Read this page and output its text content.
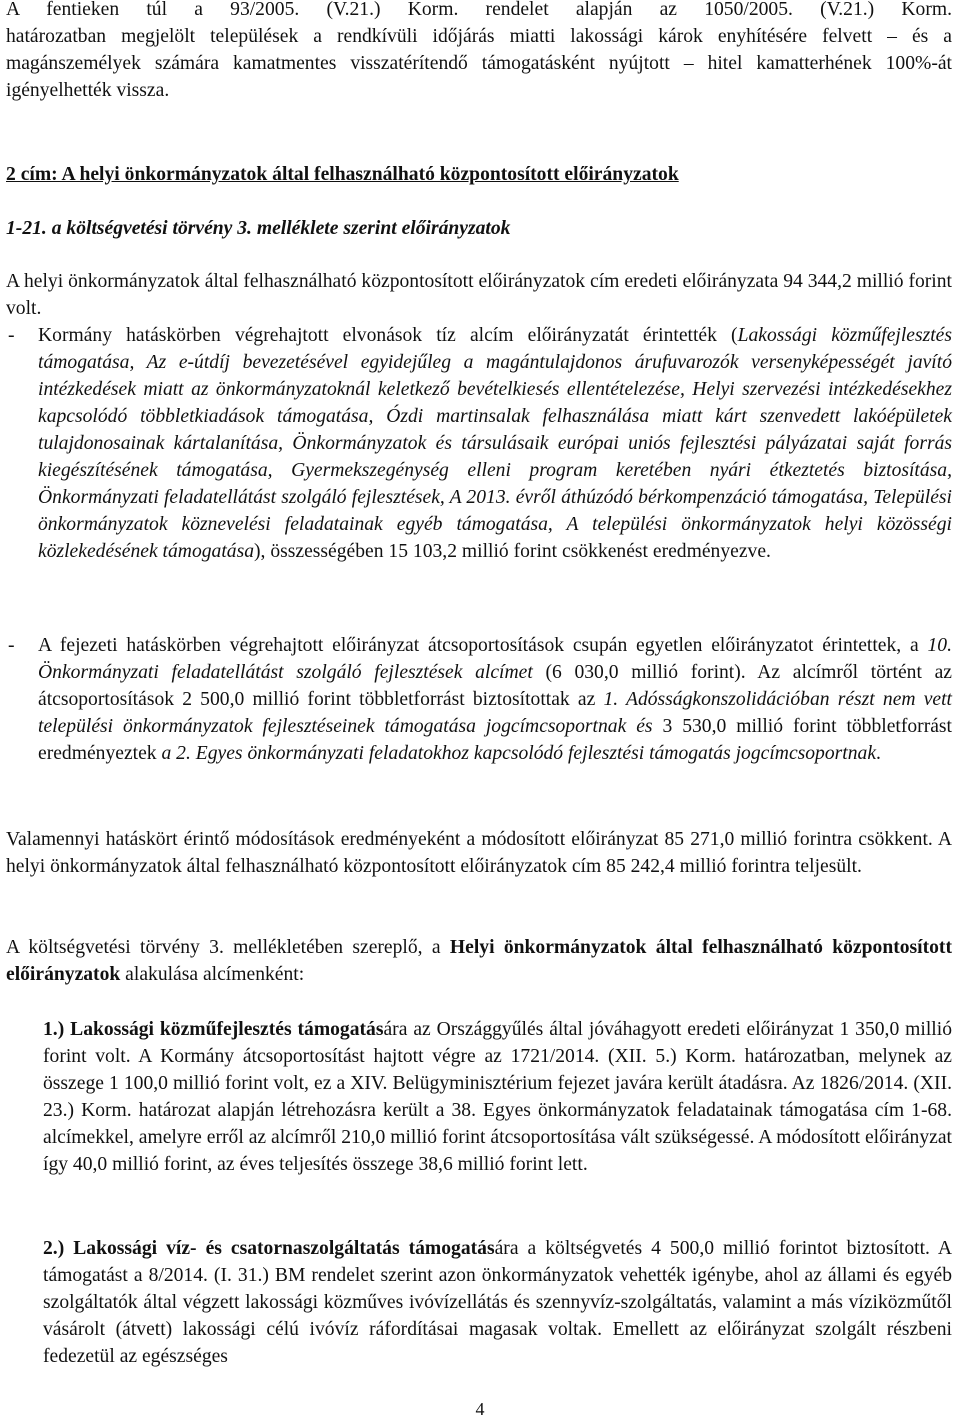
A fentieken túl a 93/2005. (V.21.) Korm. rendelet alapján az 1050/2005. (V.21.) Korm.

határozatban megjelölt települések a rendkívüli időjárás miatti lakossági károk enyhítésére felvett – és a magánszemélyek számára kamatmentes visszatérítendő támogatásként nyújtott – hitel kamatterhének 100%-át igényelhették vissza.

2 cím: A helyi önkormányzatok által felhasználható központosított előirányzatok

1-21. a költségvetési törvény 3. melléklete szerint előirányzatok

A helyi önkormányzatok által felhasználható központosított előirányzatok cím eredeti előirányzata 94 344,2 millió forint volt.

- Kormány hatáskörben végrehajtott elvonások tíz alcím előirányzatát érintették (Lakossági közműfejlesztés támogatása, Az e-útdíj bevezetésével egyidejűleg a magántulajdonos árufuvarozók versenyképességét javító intézkedések miatt az önkormányzatoknál keletkező bevételkiesés ellentételezése, Helyi szervezési intézkedésekhez kapcsolódó többletkiadások támogatása, Ózdi martinsalak felhasználása miatt kárt szenvedett lakóépületek tulajdonosainak kártalanítása, Önkormányzatok és társulásaik európai uniós fejlesztési pályázatai saját forrás kiegészítésének támogatása, Gyermekszegénység elleni program keretében nyári étkeztetés biztosítása, Önkormányzati feladatellátást szolgáló fejlesztések, A 2013. évről áthúzódó bérkompenzáció támogatása, Települési önkormányzatok köznevelési feladatainak egyéb támogatása, A települési önkormányzatok helyi közösségi közlekedésének támogatása), összességében 15 103,2 millió forint csökkenést eredményezve.
- A fejezeti hatáskörben végrehajtott előirányzat átcsoportosítások csupán egyetlen előirányzatot érintettek, a 10. Önkormányzati feladatellátást szolgáló fejlesztések alcímet (6 030,0 millió forint). Az alcímről történt az átcsoportosítások 2 500,0 millió forint többletforrást biztosítottak az 1. Adósságkonszolidációban részt nem vett települési önkormányzatok fejlesztéseinek támogatása jogcímcsoportnak és 3 530,0 millió forint többletforrást eredményeztek a 2. Egyes önkormányzati feladatokhoz kapcsolódó fejlesztési támogatás jogcímcsoportnak.

Valamennyi hatáskört érintő módosítások eredményeként a módosított előirányzat 85 271,0 millió forintra csökkent. A helyi önkormányzatok által felhasználható központosított előirányzatok cím 85 242,4 millió forintra teljesült.

A költségvetési törvény 3. mellékletében szereplő, a Helyi önkormányzatok által felhasználható központosított előirányzatok alakulása alcímenként:

1.) Lakossági közműfejlesztés támogatására az Országgyűlés által jóváhagyott eredeti előirányzat 1 350,0 millió forint volt. A Kormány átcsoportosítást hajtott végre az 1721/2014. (XII. 5.) Korm. határozatban, melynek az összege 1 100,0 millió forint volt, ez a XIV. Belügyminisztérium fejezet javára került átadásra. Az 1826/2014. (XII. 23.) Korm. határozat alapján létrehozásra került a 38. Egyes önkormányzatok feladatainak támogatása cím 1-68. alcímekkel, amelyre erről az alcímről 210,0 millió forint átcsoportosítása vált szükségessé. A módosított előirányzat így 40,0 millió forint, az éves teljesítés összege 38,6 millió forint lett.

2.) Lakossági víz- és csatornaszolgáltatás támogatására a költségvetés 4 500,0 millió forintot biztosított. A támogatást a 8/2014. (I. 31.) BM rendelet szerint azon önkormányzatok vehették igénybe, ahol az állami és egyéb szolgáltatók által végzett lakossági közműves ivóvízellátás és szennyvíz-szolgáltatás, valamint a más víziközműtől vásárolt (átvett) lakossági célú ivóvíz ráfordításai magasak voltak. Emellett az előirányzat szolgált részbeni fedezetül az egészséges

4
